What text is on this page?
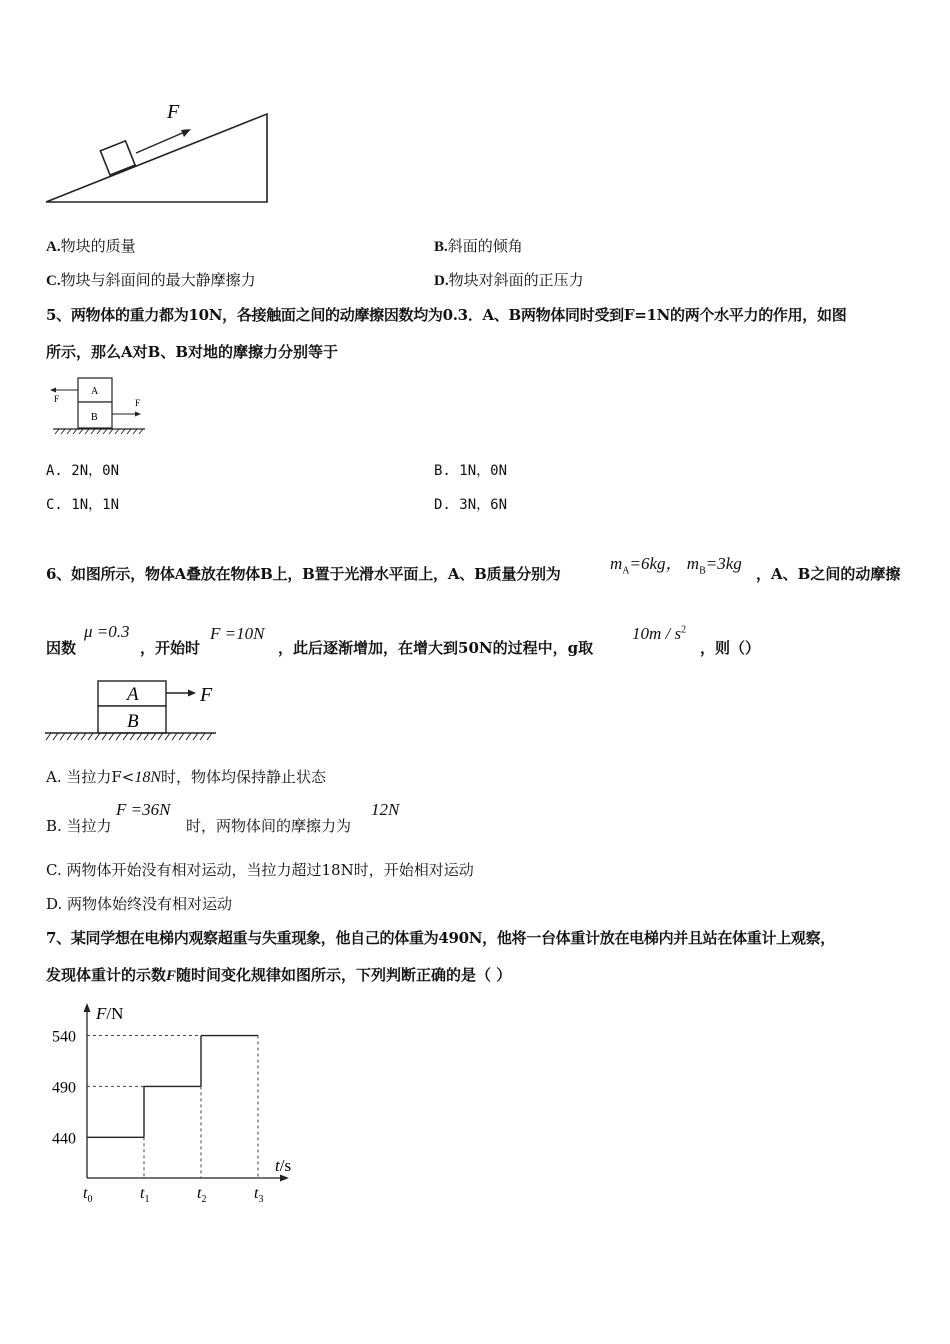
F
A.物块的质量	B.斜面的倾角
C.物块与斜面间的最大静摩擦力	D.物块对斜面的正压力
5、两物体的重力都为10N，各接触面之间的动摩擦因数均为0.3．A、B两物体同时受到F=1N的两个水平力的作用，如图
所示，那么A对B、B对地的摩擦力分别等于
A
B
F	F
A. 2N，0N	B. 1N，0N
C. 1N，1N	D. 3N，6N
6、如图所示，物体A叠放在物体B上，B置于光滑水平面上，A、B质量分别为
$m_A=6kg$， $m_B=3kg$
，A、B之间的动摩擦
因数
μ =0.3
，开始时
F =10N
，此后逐渐增加，在增大到50N的过程中，g取
$10m / s^2$
，则（）
A
B
F
A. 当拉力F<18N时，物体均保持静止状态
B. 当拉力
F =36N
时，两物体间的摩擦力为
12N
C. 两物体开始没有相对运动，当拉力超过18N时，开始相对运动
D. 两物体始终没有相对运动
7、某同学想在电梯内观察超重与失重现象，他自己的体重为490N，他将一台体重计放在电梯内并且站在体重计上观察，
发现体重计的示数F随时间变化规律如图所示，下列判断正确的是（ ）
F/N
t/s
440
490
540
$t_0$	$t_1$	$t_2$	$t_3$
